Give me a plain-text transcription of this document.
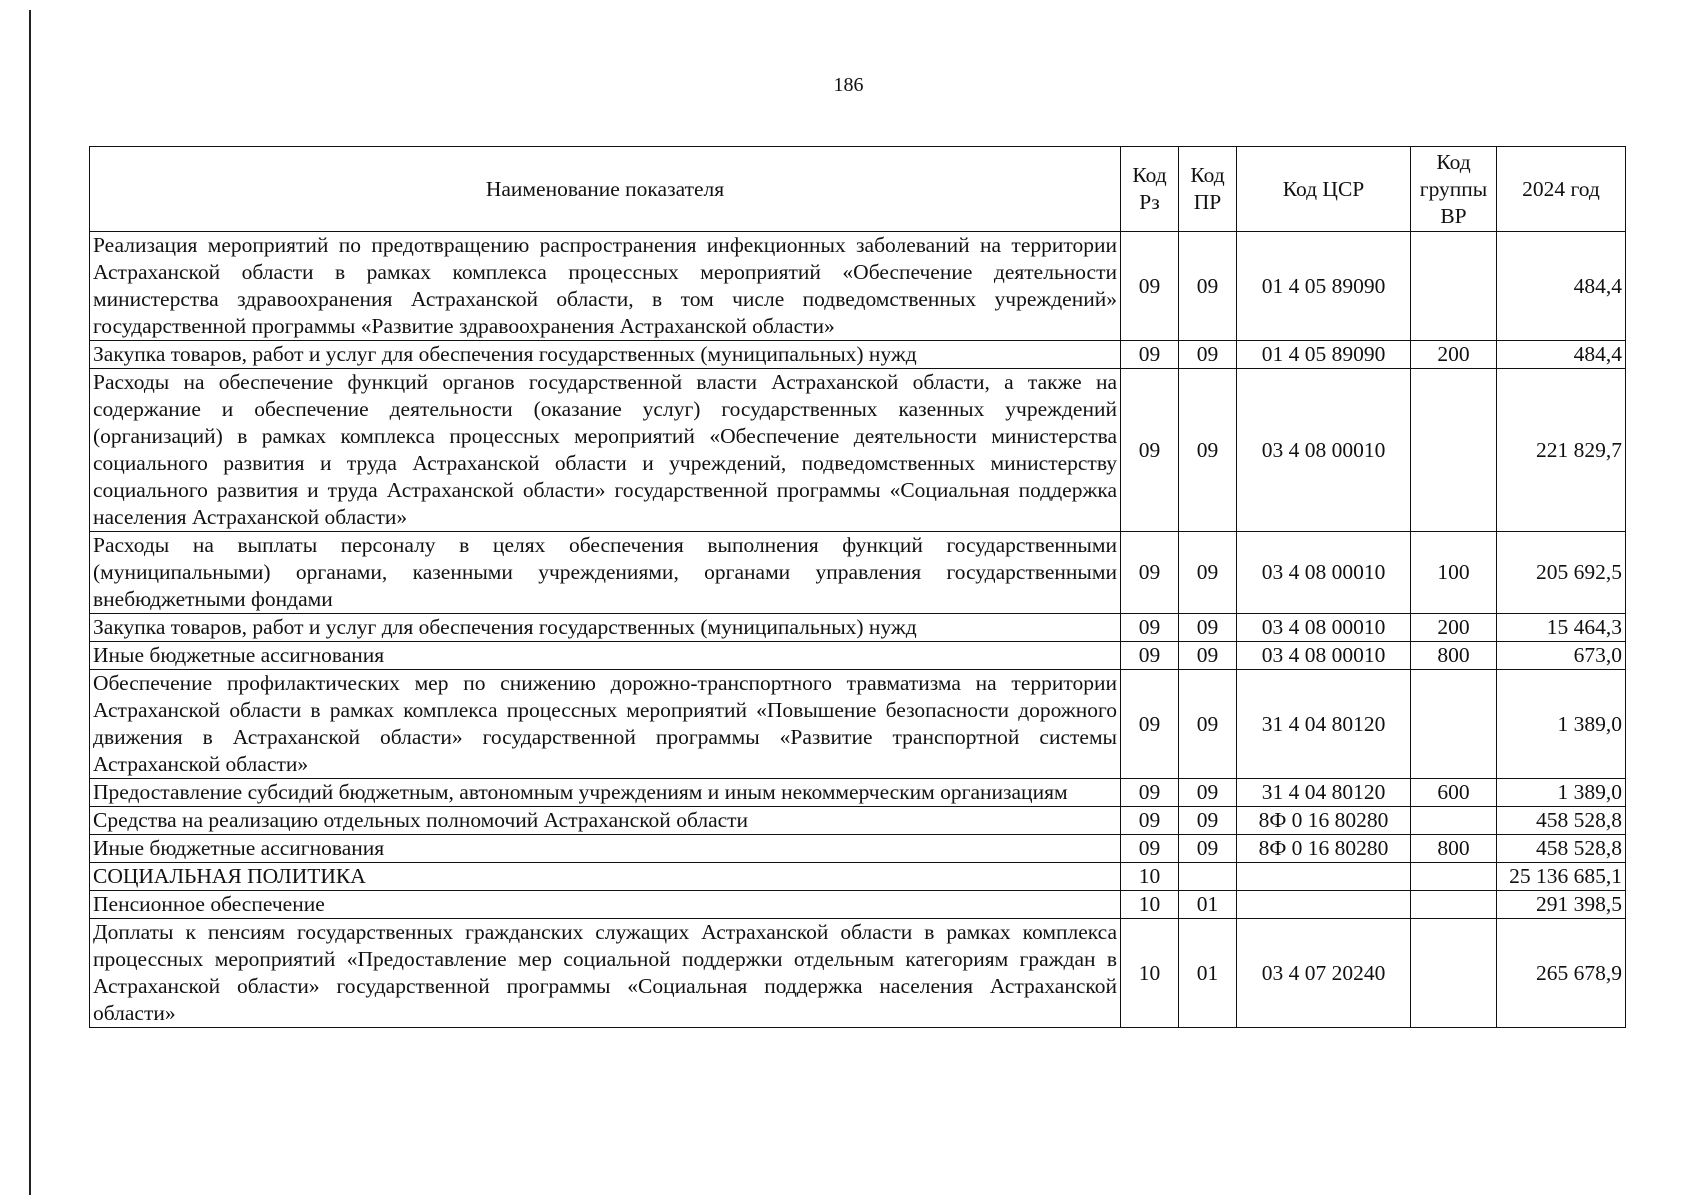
186
Наименование показателя	Код Рз	Код ПР	Код ЦСР	Код группы ВР	2024 год
Реализация мероприятий по предотвращению распространения инфекционных заболеваний на территории Астраханской области в рамках комплекса процессных мероприятий «Обеспечение деятельности министерства здравоохранения Астраханской области, в том числе подведомственных учреждений» государственной программы «Развитие здравоохранения Астраханской области»	09	09	01 4 05 89090		484,4
Закупка товаров, работ и услуг для обеспечения государственных (муниципальных) нужд	09	09	01 4 05 89090	200	484,4
Расходы на обеспечение функций органов государственной власти Астраханской области, а также на содержание и обеспечение деятельности (оказание услуг) государственных казенных учреждений (организаций) в рамках комплекса процессных мероприятий «Обеспечение деятельности министерства социального развития и труда Астраханской области и учреждений, подведомственных министерству социального развития и труда Астраханской области» государственной программы «Социальная поддержка населения Астраханской области»	09	09	03 4 08 00010		221 829,7
Расходы на выплаты персоналу в целях обеспечения выполнения функций государственными (муниципальными) органами, казенными учреждениями, органами управления государственными внебюджетными фондами	09	09	03 4 08 00010	100	205 692,5
Закупка товаров, работ и услуг для обеспечения государственных (муниципальных) нужд	09	09	03 4 08 00010	200	15 464,3
Иные бюджетные ассигнования	09	09	03 4 08 00010	800	673,0
Обеспечение профилактических мер по снижению дорожно-транспортного травматизма на территории Астраханской области в рамках комплекса процессных мероприятий «Повышение безопасности дорожного движения в Астраханской области» государственной программы «Развитие транспортной системы Астраханской области»	09	09	31 4 04 80120		1 389,0
Предоставление субсидий бюджетным, автономным учреждениям и иным некоммерческим организациям	09	09	31 4 04 80120	600	1 389,0
Средства на реализацию отдельных полномочий Астраханской области	09	09	8Ф 0 16 80280		458 528,8
Иные бюджетные ассигнования	09	09	8Ф 0 16 80280	800	458 528,8
СОЦИАЛЬНАЯ ПОЛИТИКА	10				25 136 685,1
Пенсионное обеспечение	10	01			291 398,5
Доплаты к пенсиям государственных гражданских служащих Астраханской области в рамках комплекса процессных мероприятий «Предоставление мер социальной поддержки отдельным категориям граждан в Астраханской области» государственной программы «Социальная поддержка населения Астраханской области»	10	01	03 4 07 20240		265 678,9
